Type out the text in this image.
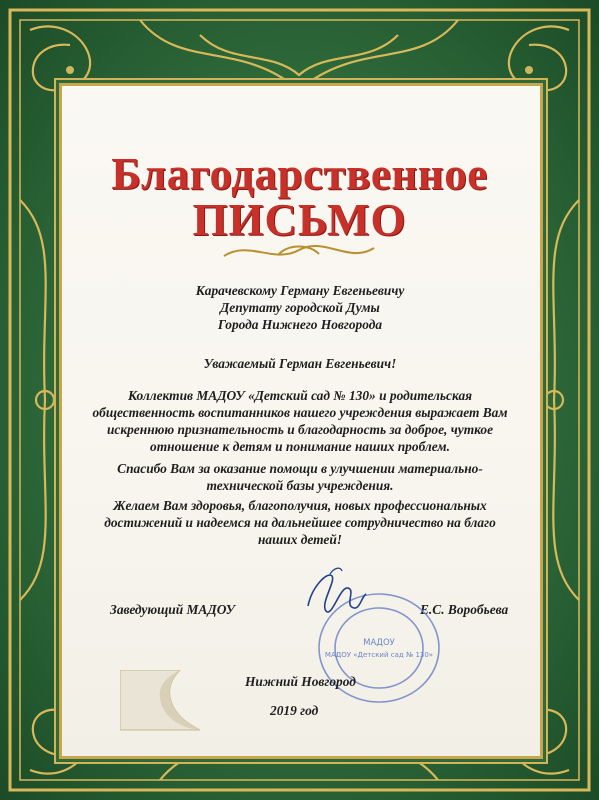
Благодарственное
ПИСЬМО

Карачевскому Герману Евгеньевичу

Депутату городской Думы

Города Нижнего Новгорода

Уважаемый Герман Евгеньевич!

Коллектив МАДОУ «Детский сад № 130» и родительская общественность воспитанников нашего учреждения выражает Вам искреннюю признательность и благодарность за доброе, чуткое отношение к детям и понимание наших проблем.

Спасибо Вам за оказание помощи в улучшении материально-технической базы учреждения.

Желаем Вам здоровья, благополучия, новых профессиональных достижений и надеемся на дальнейшее сотрудничество на благо наших детей!

Заведующий МАДОУ	Е.С. Воробьева
МАДОУ
МАДОУ «Детский сад № 130»
Нижний Новгород
2019 год
